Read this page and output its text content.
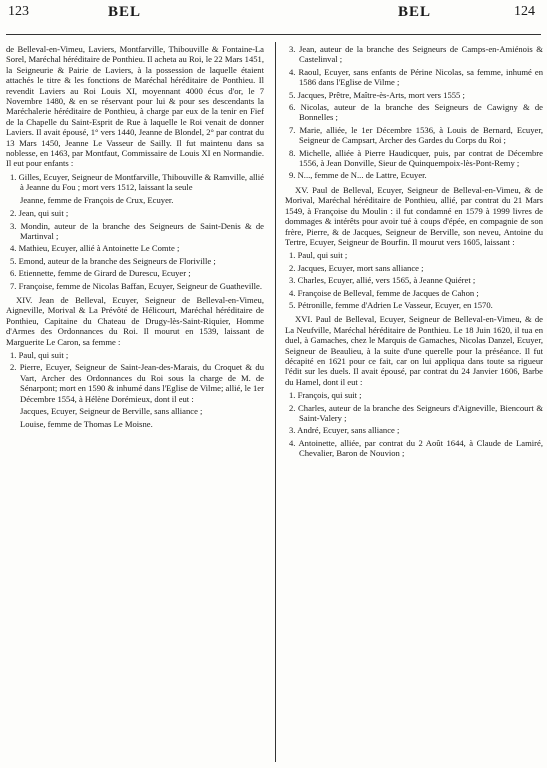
123	BEL	BEL	124

de Belleval-en-Vimeu, Laviers, Montfarville, Thibouville & Fontaine-La Sorel, Maréchal héréditaire de Ponthieu. Il acheta au Roi, le 22 Mars 1451, la Seigneurie & Pairie de Laviers, à la possession de laquelle étaient attachés le titre & les fonctions de Maréchal héréditaire de Ponthieu. Il revendit Laviers au Roi Louis XI, moyennant 4000 écus d'or, le 7 Novembre 1480, & en se réservant pour lui & pour ses descendants la Maréchalerie héréditaire de Ponthieu, à charge par eux de la tenir en Fief de la Chapelle du Saint-Esprit de Rue à laquelle le Roi venait de donner Laviers. Il avait épousé, 1° vers 1440, Jeanne de Blondel, 2° par contrat du 13 Mars 1450, Jeanne Le Vasseur de Sailly. Il fut maintenu dans sa noblesse, en 1463, par Montfaut, Commissaire de Louis XI en Normandie. Il eut pour enfants :

1. Gilles, Ecuyer, Seigneur de Montfarville, Thibouville & Ramville, allié à Jeanne du Fou ; mort vers 1512, laissant la seule
Jeanne, femme de François de Crux, Ecuyer.
2. Jean, qui suit ;
3. Mondin, auteur de la branche des Seigneurs de Saint-Denis & de Martinval ;
4. Mathieu, Ecuyer, allié à Antoinette Le Comte ;
5. Emond, auteur de la branche des Seigneurs de Floriville ;
6. Etiennette, femme de Girard de Durescu, Ecuyer ;
7. Françoise, femme de Nicolas Baffan, Ecuyer, Seigneur de Guatheville.

XIV. Jean de Belleval, Ecuyer, Seigneur de Belleval-en-Vimeu, Aigneville, Morival & La Prévôté de Hélicourt, Maréchal héréditaire de Ponthieu, Capitaine du Chateau de Drugy-lès-Saint-Riquier, Homme d'Armes des Ordonnances du Roi. Il mourut en 1539, laissant de Marguerite Le Caron, sa femme :

1. Paul, qui suit ;
2. Pierre, Ecuyer, Seigneur de Saint-Jean-des-Marais, du Croquet & du Vart, Archer des Ordonnances du Roi sous la charge de M. de Sénarpont; mort en 1590 & inhumé dans l'Eglise de Vilme; allié, le 1er Décembre 1554, à Hélène Dorémieux, dont il eut :
Jacques, Ecuyer, Seigneur de Berville, sans alliance ;
Louise, femme de Thomas Le Moisne.
3. Jean, auteur de la branche des Seigneurs de Camps-en-Amiénois & Castelinval ;
4. Raoul, Ecuyer, sans enfants de Périne Nicolas, sa femme, inhumé en 1586 dans l'Eglise de Vilme ;
5. Jacques, Prêtre, Maître-ès-Arts, mort vers 1555 ;
6. Nicolas, auteur de la branche des Seigneurs de Cawigny & de Bonnelles ;
7. Marie, alliée, le 1er Décembre 1536, à Louis de Bernard, Ecuyer, Seigneur de Campsart, Archer des Gardes du Corps du Roi ;
8. Michelle, alliée à Pierre Haudicquer, puis, par contrat de Décembre 1556, à Jean Donville, Sieur de Quinquempoix-lès-Pont-Remy ;
9. N..., femme de N... de Lattre, Ecuyer.

XV. Paul de Belleval, Ecuyer, Seigneur de Belleval-en-Vimeu, & de Morival, Maréchal héréditaire de Ponthieu, allié, par contrat du 21 Mars 1549, à Françoise du Moulin : il fut condamné en 1579 à 1999 livres de dommages & intérêts pour avoir tué à coups d'épée, en compagnie de son frère, Pierre, & de Jacques, Seigneur de Berville, son neveu, Antoine du Tertre, Ecuyer, Seigneur de Bourfin. Il mourut vers 1605, laissant :

1. Paul, qui suit ;
2. Jacques, Ecuyer, mort sans alliance ;
3. Charles, Ecuyer, allié, vers 1565, à Jeanne Quiéret ;
4. Françoise de Belleval, femme de Jacques de Cahon ;
5. Pétronille, femme d'Adrien Le Vasseur, Ecuyer, en 1570.

XVI. Paul de Belleval, Ecuyer, Seigneur de Belleval-en-Vimeu, & de La Neufville, Maréchal héréditaire de Ponthieu. Le 18 Juin 1620, il tua en duel, à Gamaches, chez le Marquis de Gamaches, Nicolas Danzel, Ecuyer, Seigneur de Beaulieu, à la suite d'une querelle pour la préséance. Il fut décapité en 1621 pour ce fait, car on lui appliqua dans toute sa rigueur l'édit sur les duels. Il avait épousé, par contrat du 24 Janvier 1606, Barbe du Hamel, dont il eut :

1. François, qui suit ;
2. Charles, auteur de la branche des Seigneurs d'Aigneville, Biencourt & Saint-Valery ;
3. André, Ecuyer, sans alliance ;
4. Antoinette, alliée, par contrat du 2 Août 1644, à Claude de Lamiré, Chevalier, Baron de Nouvion ;
